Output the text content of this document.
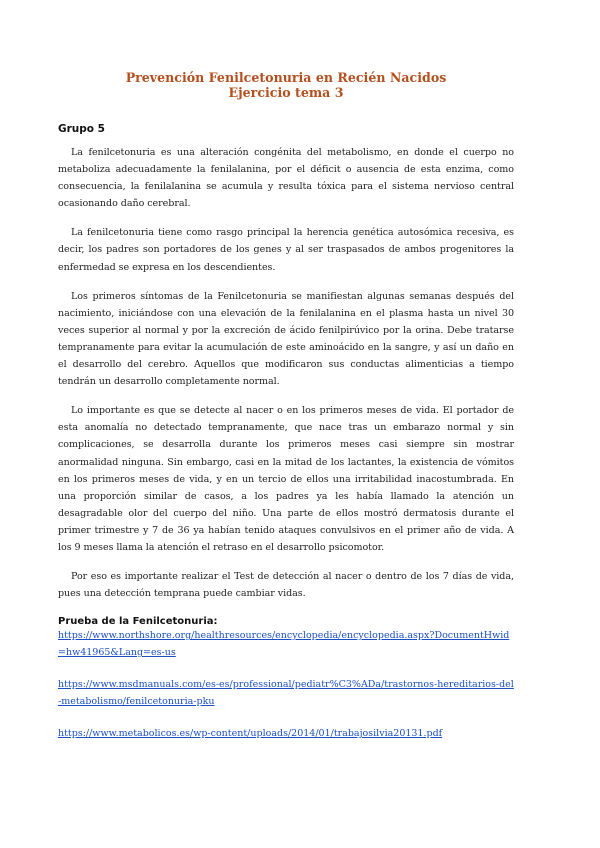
Prevención Fenilcetonuria en Recién Nacidos
Ejercicio tema 3
Grupo 5

La fenilcetonuria es una alteración congénita del metabolismo, en donde el cuerpo no metaboliza adecuadamente la fenilalanina, por el déficit o ausencia de esta enzima, como consecuencia, la fenilalanina se acumula y resulta tóxica para el sistema nervioso central ocasionando daño cerebral.

La fenilcetonuria tiene como rasgo principal la herencia genética autosómica recesiva, es decir, los padres son portadores de los genes y al ser traspasados de ambos progenitores la enfermedad se expresa en los descendientes.

Los primeros síntomas de la Fenilcetonuria se manifiestan algunas semanas después del nacimiento, iniciándose con una elevación de la fenilalanina en el plasma hasta un nivel 30 veces superior al normal y por la excreción de ácido fenilpirúvico por la orina. Debe tratarse tempranamente para evitar la acumulación de este aminoácido en la sangre, y así un daño en el desarrollo del cerebro. Aquellos que modificaron sus conductas alimenticias a tiempo tendrán un desarrollo completamente normal.

Lo importante es que se detecte al nacer o en los primeros meses de vida. El portador de esta anomalía no detectado tempranamente, que nace tras un embarazo normal y sin complicaciones, se desarrolla durante los primeros meses casi siempre sin mostrar anormalidad ninguna. Sin embargo, casi en la mitad de los lactantes, la existencia de vómitos en los primeros meses de vida, y en un tercio de ellos una irritabilidad inacostumbrada. En una proporción similar de casos, a los padres ya les había llamado la atención un desagradable olor del cuerpo del niño. Una parte de ellos mostró dermatosis durante el primer trimestre y 7 de 36 ya habían tenido ataques convulsivos en el primer año de vida. A los 9 meses llama la atención el retraso en el desarrollo psicomotor.

Por eso es importante realizar el Test de detección al nacer o dentro de los 7 días de vida, pues una detección temprana puede cambiar vidas.

Prueba de la Fenilcetonuria:
https://www.northshore.org/healthresources/encyclopedia/encyclopedia.aspx?DocumentHwid=hw41965&Lang=es-us
https://www.msdmanuals.com/es-es/professional/pediatr%C3%ADa/trastornos-hereditarios-del-metabolismo/fenilcetonuria-pku
https://www.metabolicos.es/wp-content/uploads/2014/01/trabajosilvia20131.pdf
